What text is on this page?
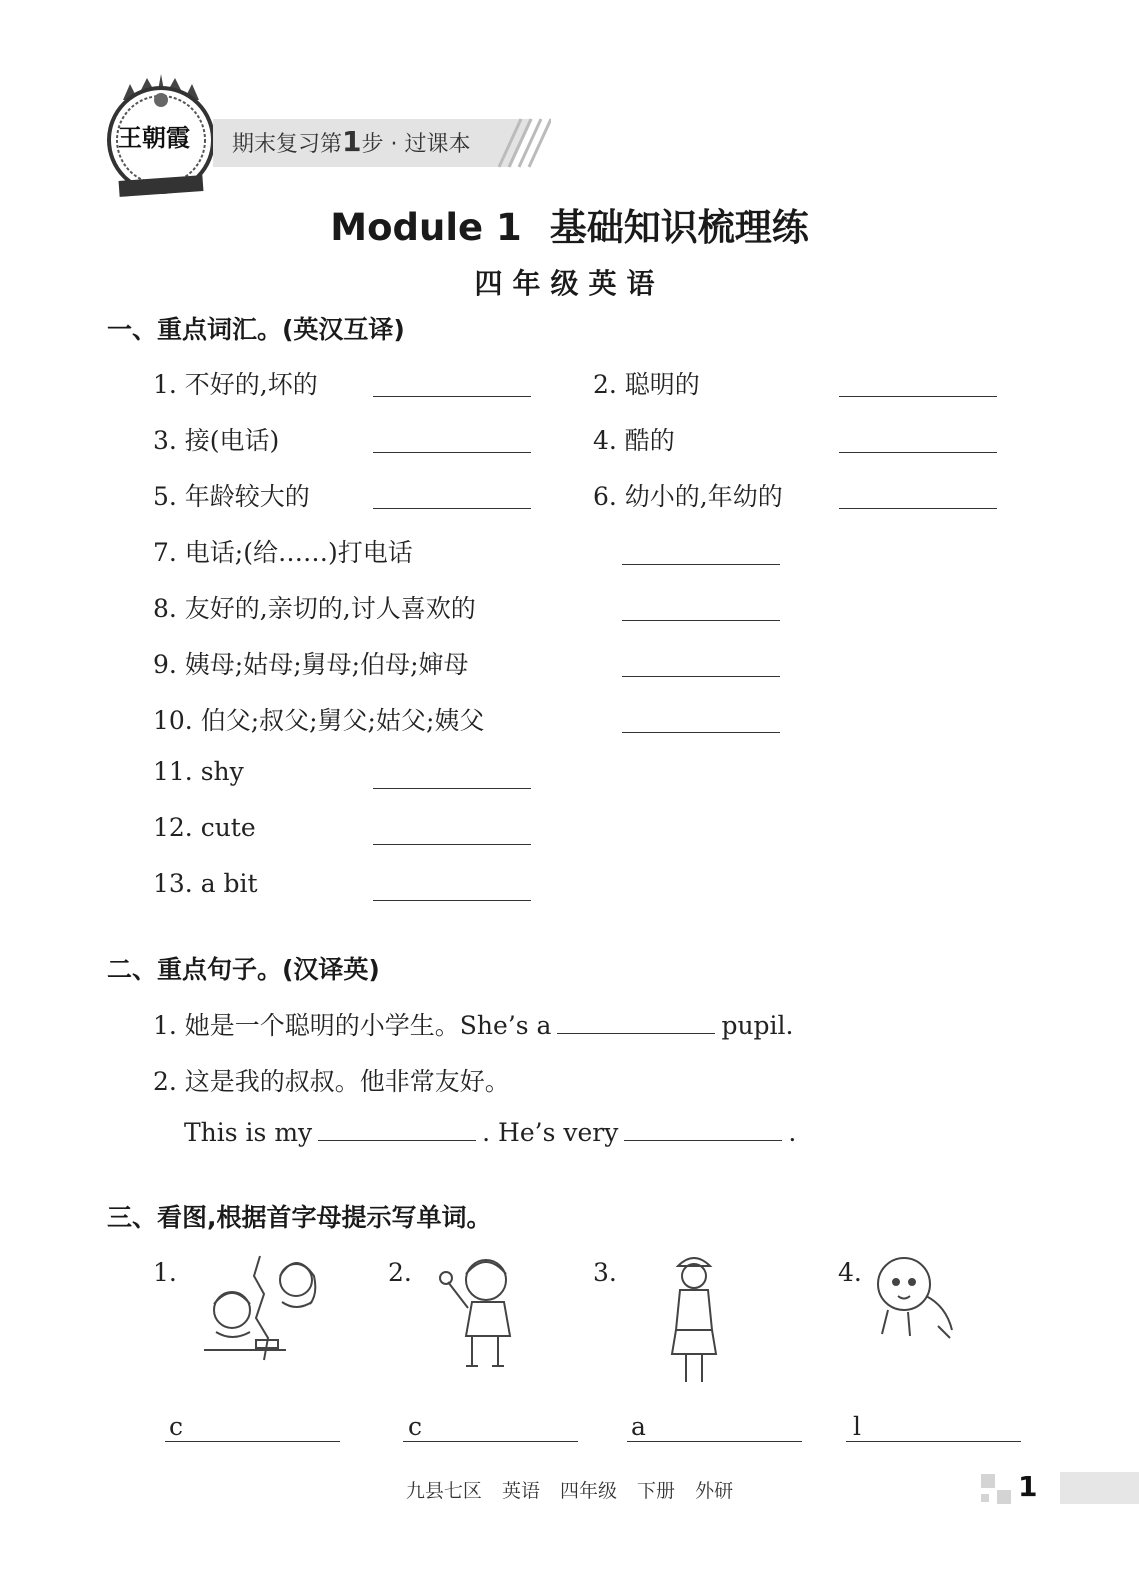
王朝霞 期末复习第1步 · 过课本
Module 1 基础知识梳理练
四年级英语
一、重点词汇。(英汉互译)
1. 不好的,坏的	2. 聪明的
3. 接(电话)	4. 酷的
5. 年龄较大的	6. 幼小的,年幼的
7. 电话;(给……)打电话
8. 友好的,亲切的,讨人喜欢的
9. 姨母;姑母;舅母;伯母;婶母
10. 伯父;叔父;舅父;姑父;姨父
11. shy
12. cute
13. a bit
二、重点句子。(汉译英)
1. 她是一个聪明的小学生。She’s a	pupil.
2. 这是我的叔叔。他非常友好。
This is my	. He’s very	.
三、看图,根据首字母提示写单词。
1.
c
2.
c
3.
a
4.
l
九县七区 英语 四年级 下册 外研	1
